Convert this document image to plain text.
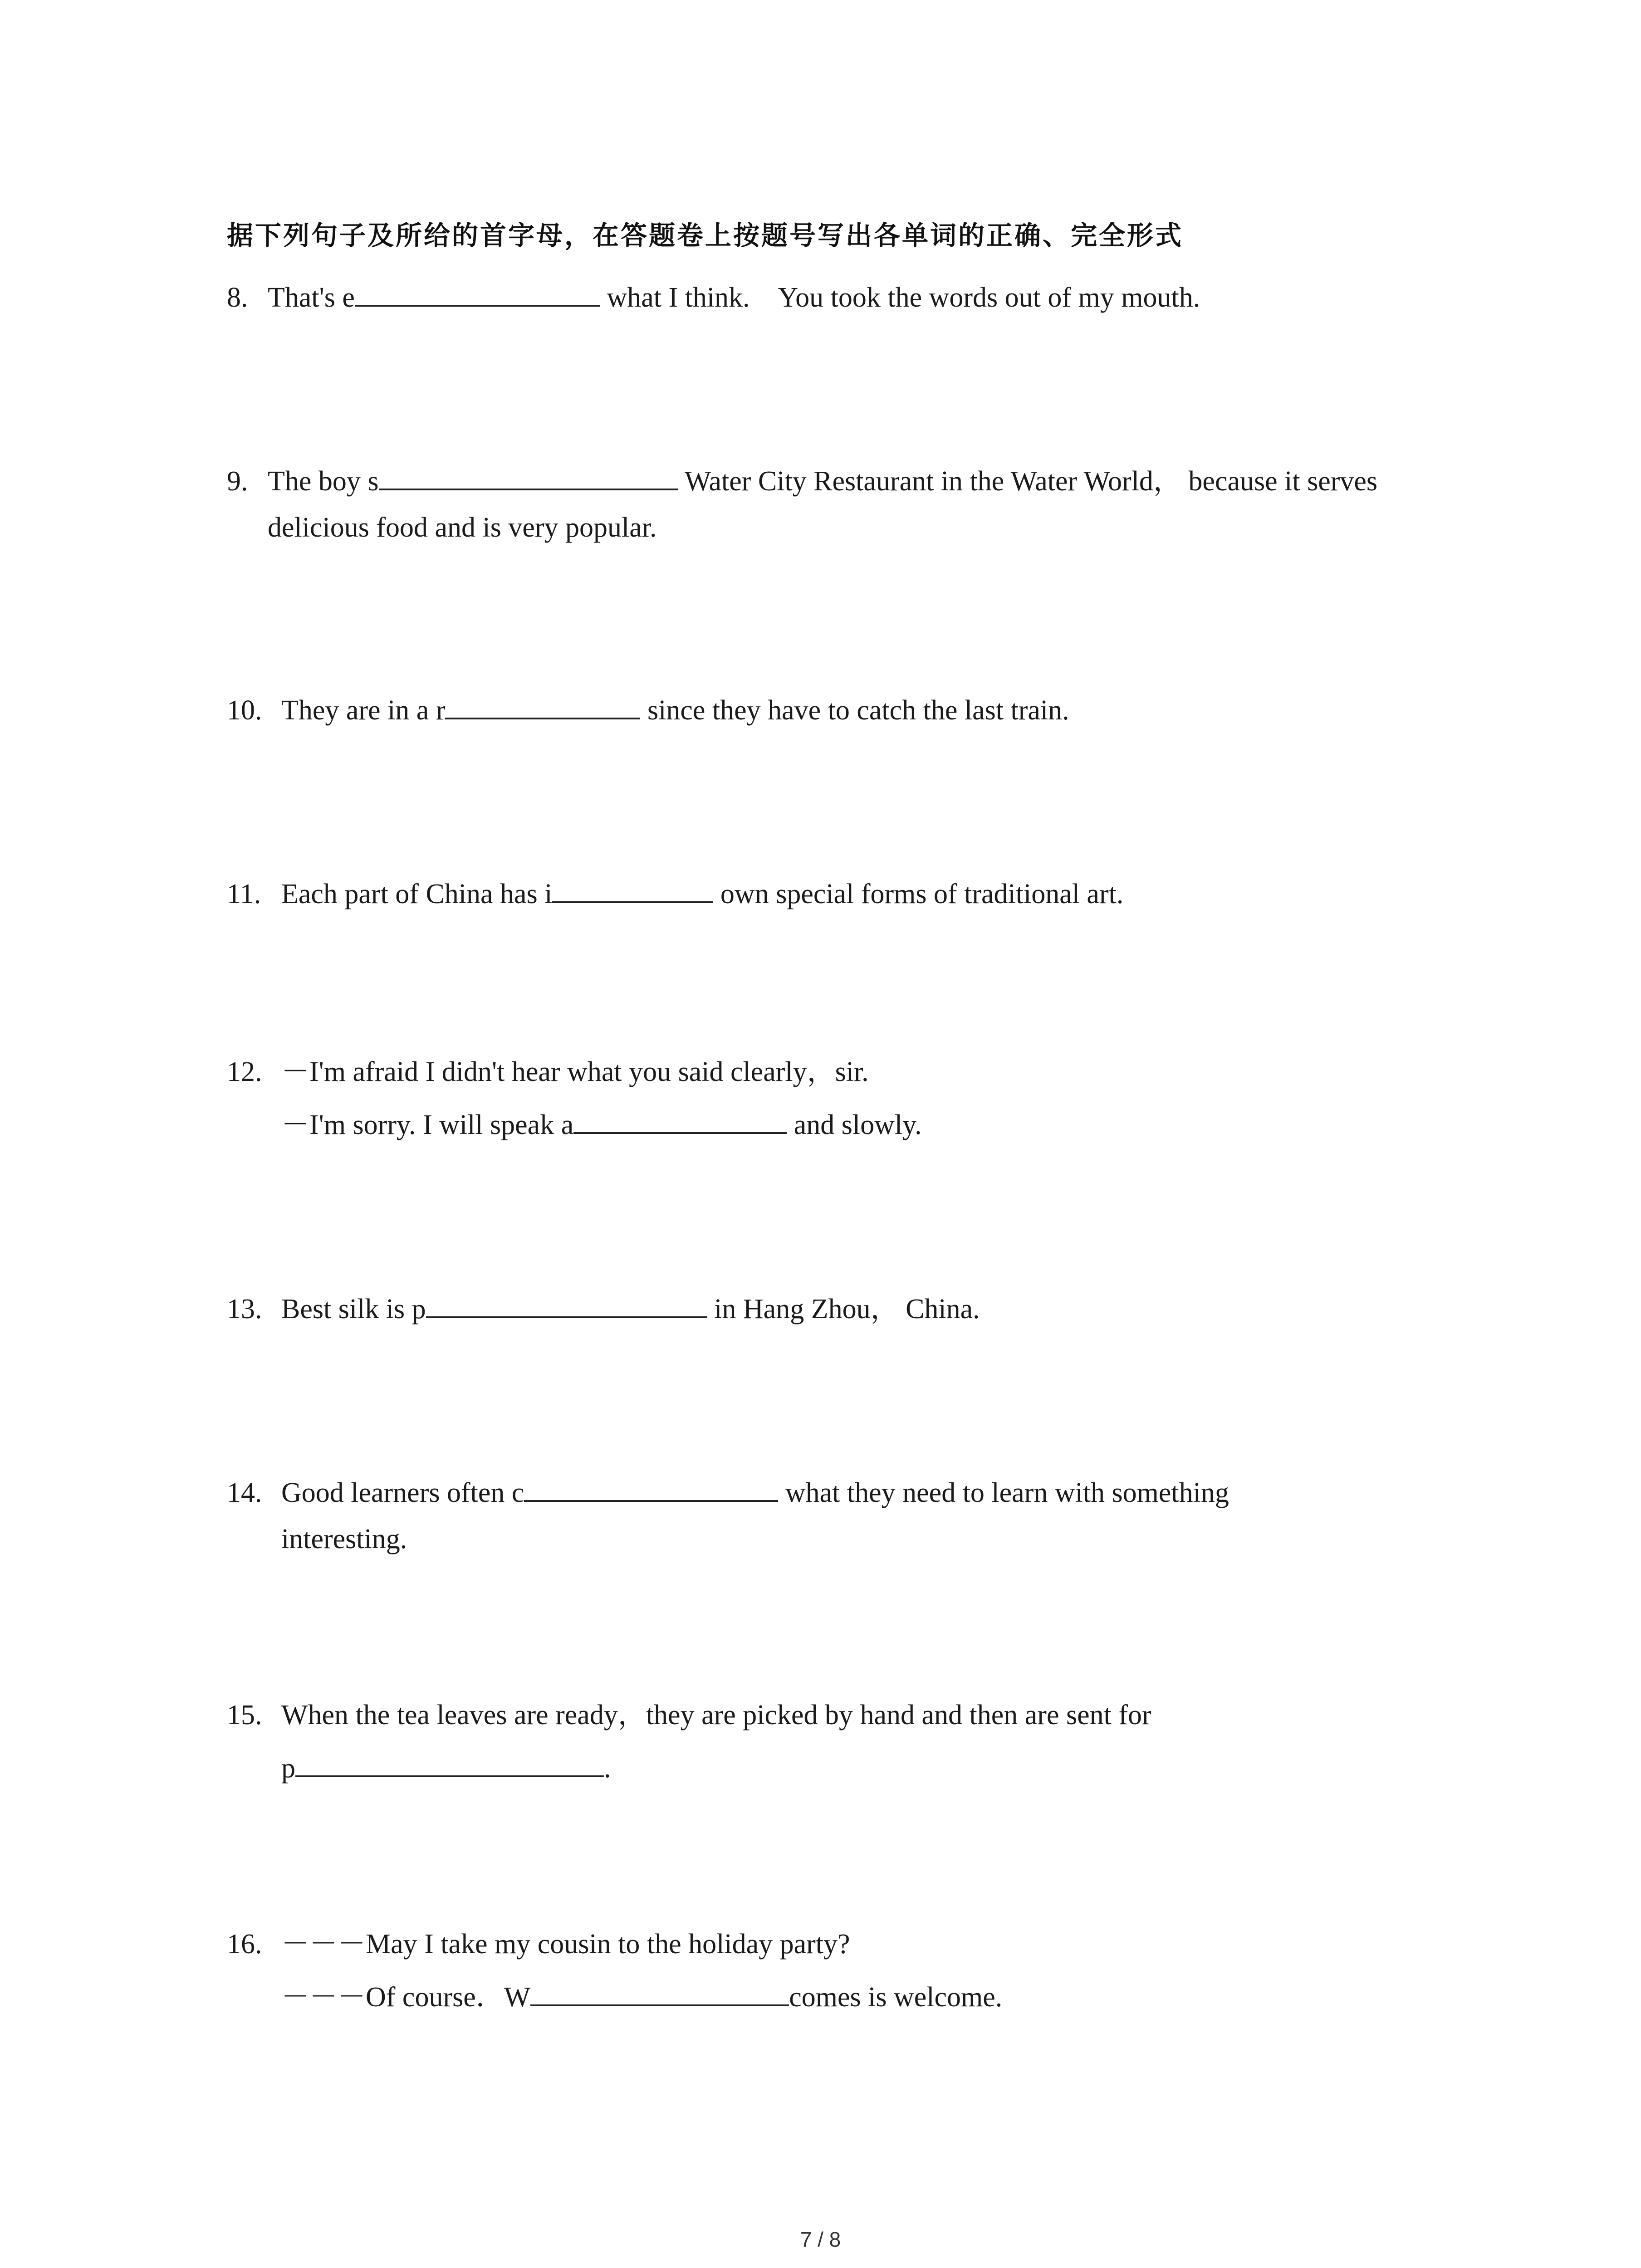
据下列句子及所给的首字母，在答题卷上按题号写出各单词的正确、完全形式
8. That's e	what I think.　You took the words out of my mouth.
9. The boy s	Water City Restaurant in the Water World， because it serves
delicious food and is very popular.
10. They are in a r	since they have to catch the last train.
11. Each part of China has i	own special forms of traditional art.
12. －I'm afraid I didn't hear what you said clearly，sir.
－I'm sorry. I will speak a	and slowly.
13. Best silk is p	in Hang Zhou， China.
14. Good learners often c	what they need to learn with something
interesting.
15. When the tea leaves are ready，they are picked by hand and then are sent for
p	.
16. －－－May I take my cousin to the holiday party?
－－－Of course．W	comes is welcome.
7 / 8
